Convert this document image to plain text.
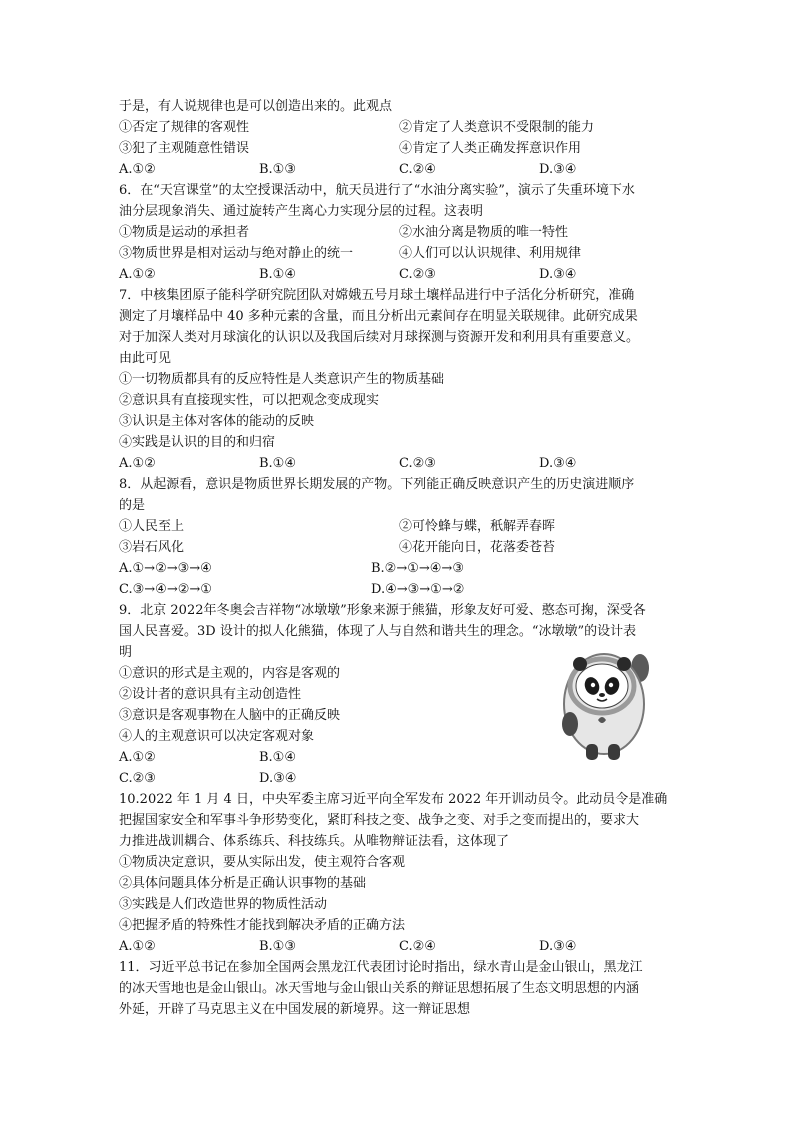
于是，有人说规律也是可以创造出来的。此观点
①否定了规律的客观性	②肯定了人类意识不受限制的能力
③犯了主观随意性错误	④肯定了人类正确发挥意识作用
A.①②	B.①③	C.②④	D.③④
6．在“天宫课堂”的太空授课活动中，航天员进行了“水油分离实验”，演示了失重环境下水
油分层现象消失、通过旋转产生离心力实现分层的过程。这表明
①物质是运动的承担者	②水油分离是物质的唯一特性
③物质世界是相对运动与绝对静止的统一	④人们可以认识规律、利用规律
A.①②	B.①④	C.②③	D.③④
7．中核集团原子能科学研究院团队对嫦娥五号月球土壤样品进行中子活化分析研究，准确
测定了月壤样品中 40 多种元素的含量，而且分析出元素间存在明显关联规律。此研究成果
对于加深人类对月球演化的认识以及我国后续对月球探测与资源开发和利用具有重要意义。
由此可见
①一切物质都具有的反应特性是人类意识产生的物质基础
②意识具有直接现实性，可以把观念变成现实
③认识是主体对客体的能动的反映
④实践是认识的目的和归宿
A.①②	B.①④	C.②③	D.③④
8．从起源看，意识是物质世界长期发展的产物。下列能正确反映意识产生的历史演进顺序
的是
①人民至上	②可怜蜂与蝶，秖解弄春晖
③岩石风化	④花开能向日，花落委苍苔
A.①→②→③→④	B.②→①→④→③
C.③→④→②→①	D.④→③→①→②
9．北京 2022年冬奥会吉祥物“冰墩墩”形象来源于熊猫，形象友好可爱、憨态可掬，深受各
国人民喜爱。3D 设计的拟人化熊猫，体现了人与自然和谐共生的理念。“冰墩墩”的设计表
明
①意识的形式是主观的，内容是客观的
②设计者的意识具有主动创造性
③意识是客观事物在人脑中的正确反映
④人的主观意识可以决定客观对象
A.①②	B.①④
C.②③	D.③④
10.2022 年 1 月 4 日，中央军委主席习近平向全军发布 2022 年开训动员令。此动员令是准确
把握国家安全和军事斗争形势变化，紧盯科技之变、战争之变、对手之变而提出的，要求大
力推进战训耦合、体系练兵、科技练兵。从唯物辩证法看，这体现了
①物质决定意识，要从实际出发，使主观符合客观
②具体问题具体分析是正确认识事物的基础
③实践是人们改造世界的物质性活动
④把握矛盾的特殊性才能找到解决矛盾的正确方法
A.①②	B.①③	C.②④	D.③④
11．习近平总书记在参加全国两会黑龙江代表团讨论时指出，绿水青山是金山银山，黑龙江
的冰天雪地也是金山银山。冰天雪地与金山银山关系的辩证思想拓展了生态文明思想的内涵
外延，开辟了马克思主义在中国发展的新境界。这一辩证思想
